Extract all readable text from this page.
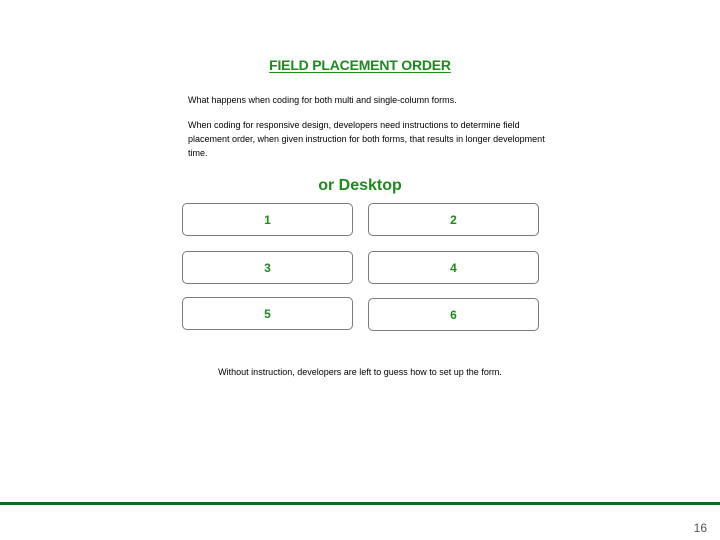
FIELD PLACEMENT ORDER
What happens when coding for both multi and single-column forms.
When coding for responsive design, developers need instructions to determine field placement order, when given instruction for both forms, that results in longer development time.
or Desktop
1	2
3	4
5	6
Without instruction, developers are left to guess how to set up the form.
16
